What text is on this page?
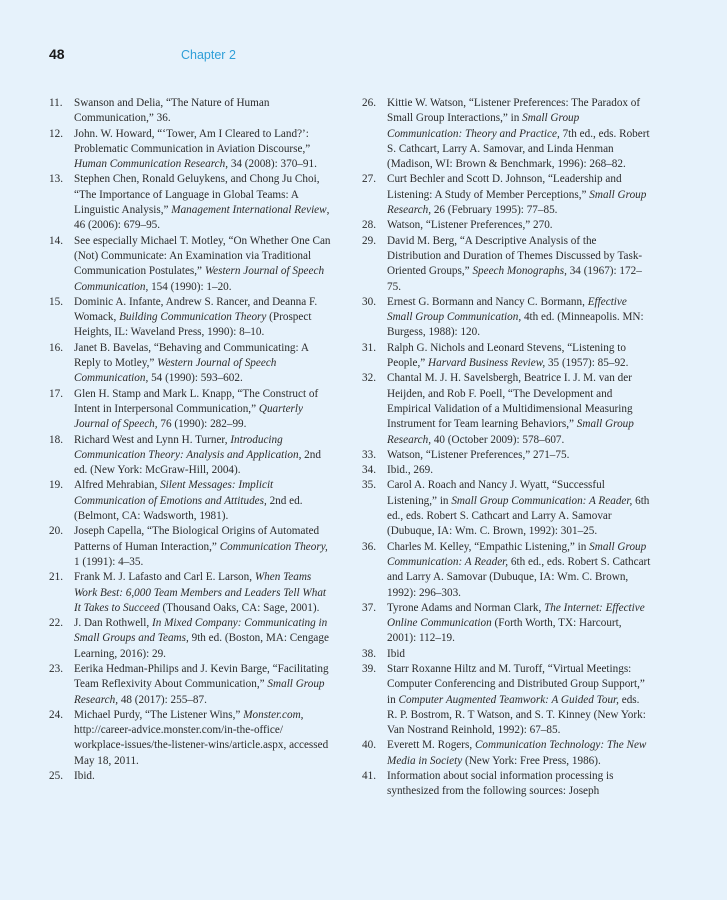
48	Chapter 2
11.	Swanson and Delia, “The Nature of Human Communication,” 36.
12. John. W. Howard, “‘Tower, Am I Cleared to Land?’: Problematic Communication in Aviation Discourse,” Human Communication Research, 34 (2008): 370–91.
13. Stephen Chen, Ronald Geluykens, and Chong Ju Choi, “The Importance of Language in Global Teams: A Linguistic Analysis,” Management International Review, 46 (2006): 679–95.
14. See especially Michael T. Motley, “On Whether One Can (Not) Communicate: An Examination via Traditional Communication Postulates,” Western Journal of Speech Communication, 154 (1990): 1–20.
15. Dominic A. Infante, Andrew S. Rancer, and Deanna F. Womack, Building Communication Theory (Prospect Heights, IL: Waveland Press, 1990): 8–10.
16. Janet B. Bavelas, “Behaving and Communicating: A Reply to Motley,” Western Journal of Speech Communication, 54 (1990): 593–602.
17. Glen H. Stamp and Mark L. Knapp, “The Construct of Intent in Interpersonal Communication,” Quarterly Journal of Speech, 76 (1990): 282–99.
18. Richard West and Lynn H. Turner, Introducing Communication Theory: Analysis and Application, 2nd ed. (New York: McGraw-Hill, 2004).
19. Alfred Mehrabian, Silent Messages: Implicit Communication of Emotions and Attitudes, 2nd ed. (Belmont, CA: Wadsworth, 1981).
20. Joseph Capella, “The Biological Origins of Automated Patterns of Human Interaction,” Communication Theory, 1 (1991): 4–35.
21. Frank M. J. Lafasto and Carl E. Larson, When Teams Work Best: 6,000 Team Members and Leaders Tell What It Takes to Succeed (Thousand Oaks, CA: Sage, 2001).
22. J. Dan Rothwell, In Mixed Company: Communicating in Small Groups and Teams, 9th ed. (Boston, MA: Cengage Learning, 2016): 29.
23. Eerika Hedman-Philips and J. Kevin Barge, “Facilitating Team Reflexivity About Communication,” Small Group Research, 48 (2017): 255–87.
24. Michael Purdy, “The Listener Wins,” Monster.com, http://career-advice.monster.com/in-the-office/ workplace-issues/the-listener-wins/article.aspx, accessed May 18, 2011.
25. Ibid.
26. Kittie W. Watson, “Listener Preferences: The Paradox of Small Group Interactions,” in Small Group Communication: Theory and Practice, 7th ed., eds. Robert S. Cathcart, Larry A. Samovar, and Linda Henman (Madison, WI: Brown & Benchmark, 1996): 268–82.
27. Curt Bechler and Scott D. Johnson, “Leadership and Listening: A Study of Member Perceptions,” Small Group Research, 26 (February 1995): 77–85.
28. Watson, “Listener Preferences,” 270.
29. David M. Berg, “A Descriptive Analysis of the Distribution and Duration of Themes Discussed by Task-Oriented Groups,” Speech Monographs, 34 (1967): 172–75.
30. Ernest G. Bormann and Nancy C. Bormann, Effective Small Group Communication, 4th ed. (Minneapolis. MN: Burgess, 1988): 120.
31. Ralph G. Nichols and Leonard Stevens, “Listening to People,” Harvard Business Review, 35 (1957): 85–92.
32. Chantal M. J. H. Savelsbergh, Beatrice I. J. M. van der Heijden, and Rob F. Poell, “The Development and Empirical Validation of a Multidimensional Measuring Instrument for Team learning Behaviors,” Small Group Research, 40 (October 2009): 578–607.
33. Watson, “Listener Preferences,” 271–75.
34. Ibid., 269.
35. Carol A. Roach and Nancy J. Wyatt, “Successful Listening,” in Small Group Communication: A Reader, 6th ed., eds. Robert S. Cathcart and Larry A. Samovar (Dubuque, IA: Wm. C. Brown, 1992): 301–25.
36. Charles M. Kelley, “Empathic Listening,” in Small Group Communication: A Reader, 6th ed., eds. Robert S. Cathcart and Larry A. Samovar (Dubuque, IA: Wm. C. Brown, 1992): 296–303.
37. Tyrone Adams and Norman Clark, The Internet: Effective Online Communication (Forth Worth, TX: Harcourt, 2001): 112–19.
38. Ibid
39. Starr Roxanne Hiltz and M. Turoff, “Virtual Meetings: Computer Conferencing and Distributed Group Support,” in Computer Augmented Teamwork: A Guided Tour, eds. R. P. Bostrom, R. T Watson, and S. T. Kinney (New York: Van Nostrand Reinhold, 1992): 67–85.
40. Everett M. Rogers, Communication Technology: The New Media in Society (New York: Free Press, 1986).
41. Information about social information processing is synthesized from the following sources: Joseph
